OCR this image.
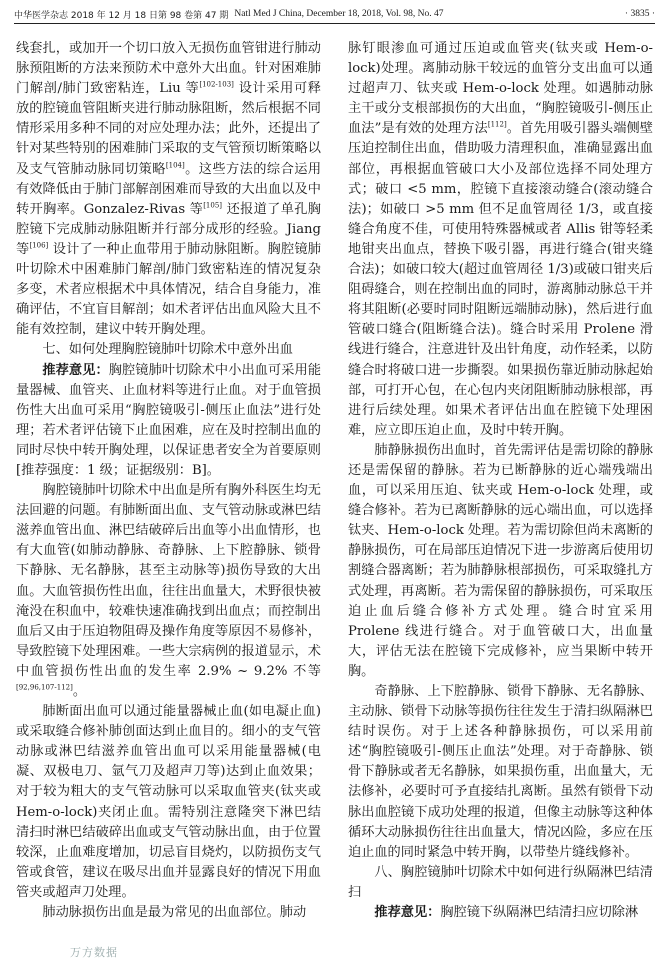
中华医学杂志 2018 年 12 月 18 日第 98 卷第 47 期 Natl Med J China, December 18, 2018, Vol. 98, No. 47	· 3835 ·

线套扎，或加开一个切口放入无损伤血管钳进行肺动脉预阻断的方法来预防术中意外大出血。针对困难肺门解剖/肺门致密粘连，Liu 等[102-103] 设计采用可释放的腔镜血管阻断夹进行肺动脉阻断，然后根据不同情形采用多种不同的对应处理办法；此外，还提出了针对某些特别的困难肺门采取的支气管预切断策略以及支气管肺动脉同切策略[104]。这些方法的综合运用有效降低由于肺门部解剖困难而导致的大出血以及中转开胸率。Gonzalez-Rivas 等[105] 还报道了单孔胸腔镜下完成肺动脉阻断并行部分成形的经验。Jiang 等[106] 设计了一种止血带用于肺动脉阻断。胸腔镜肺叶切除术中困难肺门解剖/肺门致密粘连的情况复杂多变，术者应根据术中具体情况，结合自身能力，准确评估，不宜盲目解剖；如术者评估出血风险大且不能有效控制，建议中转开胸处理。

七、如何处理胸腔镜肺叶切除术中意外出血

推荐意见：胸腔镜肺叶切除术中小出血可采用能量器械、血管夹、止血材料等进行止血。对于血管损伤性大出血可采用“胸腔镜吸引-侧压止血法”进行处理；若术者评估镜下止血困难，应在及时控制出血的同时尽快中转开胸处理，以保证患者安全为首要原则[推荐强度：1 级；证据级别：B]。

胸腔镜肺叶切除术中出血是所有胸外科医生均无法回避的问题。有肺断面出血、支气管动脉或淋巴结滋养血管出血、淋巴结破碎后出血等小出血情形，也有大血管(如肺动静脉、奇静脉、上下腔静脉、锁骨下静脉、无名静脉，甚至主动脉等)损伤导致的大出血。大血管损伤性出血，往往出血量大，术野很快被淹没在积血中，较难快速准确找到出血点；而控制出血后又由于压迫物阻碍及操作角度等原因不易修补，导致腔镜下处理困难。一些大宗病例的报道显示，术中血管损伤性出血的发生率 2.9% ~ 9.2% 不等[92,96,107-112]。

肺断面出血可以通过能量器械止血(如电凝止血)或采取缝合修补肺创面达到止血目的。细小的支气管动脉或淋巴结滋养血管出血可以采用能量器械(电凝、双极电刀、氩气刀及超声刀等)达到止血效果；对于较为粗大的支气管动脉可以采取血管夹(钛夹或 Hem-o-lock)夹闭止血。需特别注意隆突下淋巴结清扫时淋巴结破碎出血或支气管动脉出血，由于位置较深，止血难度增加，切忌盲目烧灼，以防损伤支气管或食管，建议在吸尽出血并显露良好的情况下用血管夹或超声刀处理。

肺动脉损伤出血是最为常见的出血部位。肺动

脉钉眼渗血可通过压迫或血管夹(钛夹或 Hem-o-lock)处理。离肺动脉干较远的血管分支出血可以通过超声刀、钛夹或 Hem-o-lock 处理。如遇肺动脉主干或分支根部损伤的大出血，“胸腔镜吸引-侧压止血法”是有效的处理方法[112]。首先用吸引器头端侧壁压迫控制住出血，借助吸力清理积血，准确显露出血部位，再根据血管破口大小及部位选择不同处理方式；破口 <5 mm，腔镜下直接滚动缝合(滚动缝合法)；如破口 >5 mm 但不足血管周径 1/3，或直接缝合角度不佳，可使用特殊器械或者 Allis 钳等轻柔地钳夹出血点，替换下吸引器，再进行缝合(钳夹缝合法)；如破口较大(超过血管周径 1/3)或破口钳夹后阻碍缝合，则在控制出血的同时，游离肺动脉总干并将其阻断(必要时同时阻断远端肺动脉)，然后进行血管破口缝合(阻断缝合法)。缝合时采用 Prolene 滑线进行缝合，注意进针及出针角度，动作轻柔，以防缝合时将破口进一步撕裂。如果损伤靠近肺动脉起始部，可打开心包，在心包内夹闭阻断肺动脉根部，再进行后续处理。如果术者评估出血在腔镜下处理困难，应立即压迫止血，及时中转开胸。

肺静脉损伤出血时，首先需评估是需切除的静脉还是需保留的静脉。若为已断静脉的近心端残端出血，可以采用压迫、钛夹或 Hem-o-lock 处理，或缝合修补。若为已离断静脉的远心端出血，可以选择钛夹、Hem-o-lock 处理。若为需切除但尚未离断的静脉损伤，可在局部压迫情况下进一步游离后使用切割缝合器离断；若为肺静脉根部损伤，可采取缝扎方式处理，再离断。若为需保留的静脉损伤，可采取压迫止血后缝合修补方式处理。缝合时宜采用 Prolene 线进行缝合。对于血管破口大，出血量大，评估无法在腔镜下完成修补，应当果断中转开胸。

奇静脉、上下腔静脉、锁骨下静脉、无名静脉、主动脉、锁骨下动脉等损伤往往发生于清扫纵隔淋巴结时误伤。对于上述各种静脉损伤，可以采用前述“胸腔镜吸引-侧压止血法”处理。对于奇静脉、锁骨下静脉或者无名静脉，如果损伤重，出血量大，无法修补，必要时可予直接结扎离断。虽然有锁骨下动脉出血腔镜下成功处理的报道，但像主动脉等这种体循环大动脉损伤往往出血量大，情况凶险，多应在压迫止血的同时紧急中转开胸，以带垫片缝线修补。

八、胸腔镜肺叶切除术中如何进行纵隔淋巴结清扫

推荐意见：胸腔镜下纵隔淋巴结清扫应切除淋

万方数据
